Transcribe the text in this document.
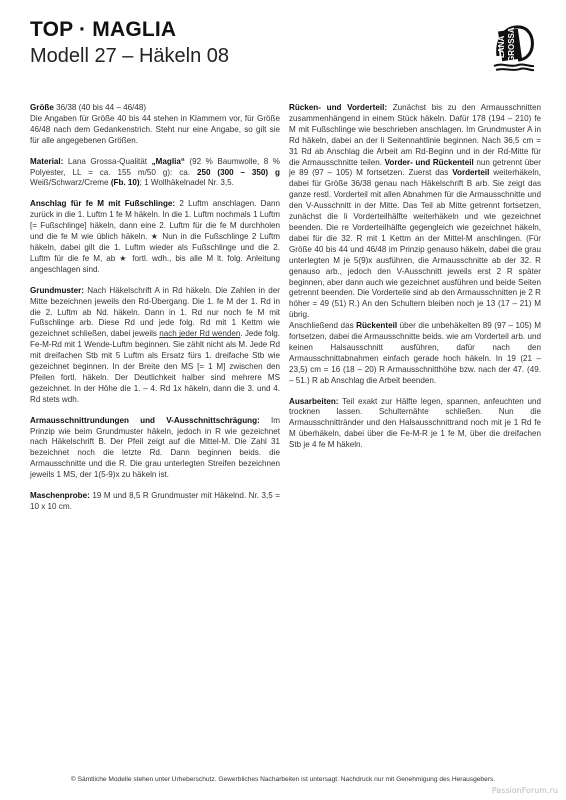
TOP · MAGLIA
Modell 27 – Häkeln 08	LANA GROSSA

Größe 36/38 (40 bis 44 – 46/48)
Die Angaben für Größe 40 bis 44 stehen in Klammern vor, für Größe 46/48 nach dem Gedankenstrich. Steht nur eine Angabe, so gilt sie für alle angegebenen Größen.

Material: Lana Grossa-Qualität „Maglia“ (92 % Baumwolle, 8 % Polyester, LL = ca. 155 m/50 g): ca. 250 (300 – 350) g Weiß/Schwarz/Creme (Fb. 10); 1 Wollhäkelnadel Nr. 3,5.

Anschlag für fe M mit Fußschlinge: 2 Luftm anschlagen. Dann zurück in die 1. Luftm 1 fe M häkeln. In die 1. Luftm nochmals 1 Luftm [= Fußschlinge] häkeln, dann eine 2. Luftm für die fe M durchholen und die fe M wie üblich häkeln. ★ Nun in die Fußschlinge 2 Luftm häkeln, dabei gilt die 1. Luftm wieder als Fußschlinge und die 2. Luftm für die fe M, ab ★ fortl. wdh., bis alle M lt. folg. Anleitung angeschlagen sind.

Grundmuster: Nach Häkelschrift A in Rd häkeln. Die Zahlen in der Mitte bezeichnen jeweils den Rd-Übergang. Die 1. fe M der 1. Rd in die 2. Luftm ab Nd. häkeln. Dann in 1. Rd nur noch fe M mit Fußschlinge arb. Diese Rd und jede folg. Rd mit 1 Kettm wie gezeichnet schließen, dabei jeweils nach jeder Rd wenden. Jede folg. Fe-M-Rd mit 1 Wende-Luftm beginnen. Sie zählt nicht als M. Jede Rd mit dreifachen Stb mit 5 Luftm als Ersatz fürs 1. dreifache Stb wie gezeichnet beginnen. In der Breite den MS [= 1 M] zwischen den Pfeilen fortl. häkeln. Der Deutlichkeit halber sind mehrere MS gezeichnet. In der Höhe die 1. – 4. Rd 1x häkeln, dann die 3. und 4. Rd stets wdh.

Armausschnittrundungen und V-Ausschnittschrägung: Im Prinzip wie beim Grundmuster häkeln, jedoch in R wie gezeichnet nach Häkelschrift B. Der Pfeil zeigt auf die Mittel-M. Die Zahl 31 bezeichnet noch die letzte Rd. Dann beginnen beids. die Armausschnitte und die R. Die grau unterlegten Streifen bezeichnen jeweils 1 MS, der 1(5-9)x zu häkeln ist.

Maschenprobe: 19 M und 8,5 R Grundmuster mit Häkelnd. Nr. 3,5 = 10 x 10 cm.

Rücken- und Vorderteil: Zunächst bis zu den Armausschnitten zusammenhängend in einem Stück häkeln. Dafür 178 (194 – 210) fe M mit Fußschlinge wie beschrieben anschlagen. Im Grundmuster A in Rd häkeln, dabei an der li Seitennahtlinie beginnen. Nach 36,5 cm = 31 Rd ab Anschlag die Arbeit am Rd-Beginn und in der Rd-Mitte für die Armausschnitte teilen. Vorder- und Rückenteil nun getrennt über je 89 (97 – 105) M fortsetzen. Zuerst das Vorderteil weiterhäkeln, dabei für Größe 36/38 genau nach Häkelschrift B arb. Sie zeigt das ganze restl. Vorderteil mit allen Abnahmen für die Armausschnitte und den V-Ausschnitt in der Mitte. Das Teil ab Mitte getrennt fortsetzen, zunächst die li Vorderteilhälfte weiterhäkeln und wie gezeichnet beenden. Die re Vorderteilhälfte gegengleich wie gezeichnet häkeln, dabei für die 32. R mit 1 Kettm an der Mittel-M anschlingen. (Für Größe 40 bis 44 und 46/48 im Prinzip genauso häkeln, dabei die grau unterlegten M je 5(9)x ausführen, die Armausschnitte ab der 32. R genauso arb., jedoch den V-Ausschnitt jeweils erst 2 R später beginnen, aber dann auch wie gezeichnet ausführen und beide Seiten getrennt beenden. Die Vorderteile sind ab den Armausschnitten je 2 R höher = 49 (51) R.) An den Schultern bleiben noch je 13 (17 – 21) M übrig.
Anschließend das Rückenteil über die unbehäkelten 89 (97 – 105) M fortsetzen, dabei die Armausschnitte beids. wie am Vorderteil arb. und keinen Halsausschnitt ausführen, dafür nach den Armausschnittabnahmen einfach gerade hoch häkeln. In 19 (21 – 23,5) cm = 16 (18 – 20) R Armausschnitthöhe bzw. nach der 47. (49. – 51.) R ab Anschlag die Arbeit beenden.

Ausarbeiten: Teil exakt zur Hälfte legen, spannen, anfeuchten und trocknen lassen. Schulternähte schließen. Nun die Armausschnittränder und den Halsausschnittrand noch mit je 1 Rd fe M überhäkeln, dabei über die Fe-M-R je 1 fe M, über die dreifachen Stb je 4 fe M häkeln.

© Sämtliche Modelle stehen unter Urheberschutz. Gewerbliches Nacharbeiten ist untersagt. Nachdruck nur mit Genehmigung des Herausgebers.
PassionForum.ru
